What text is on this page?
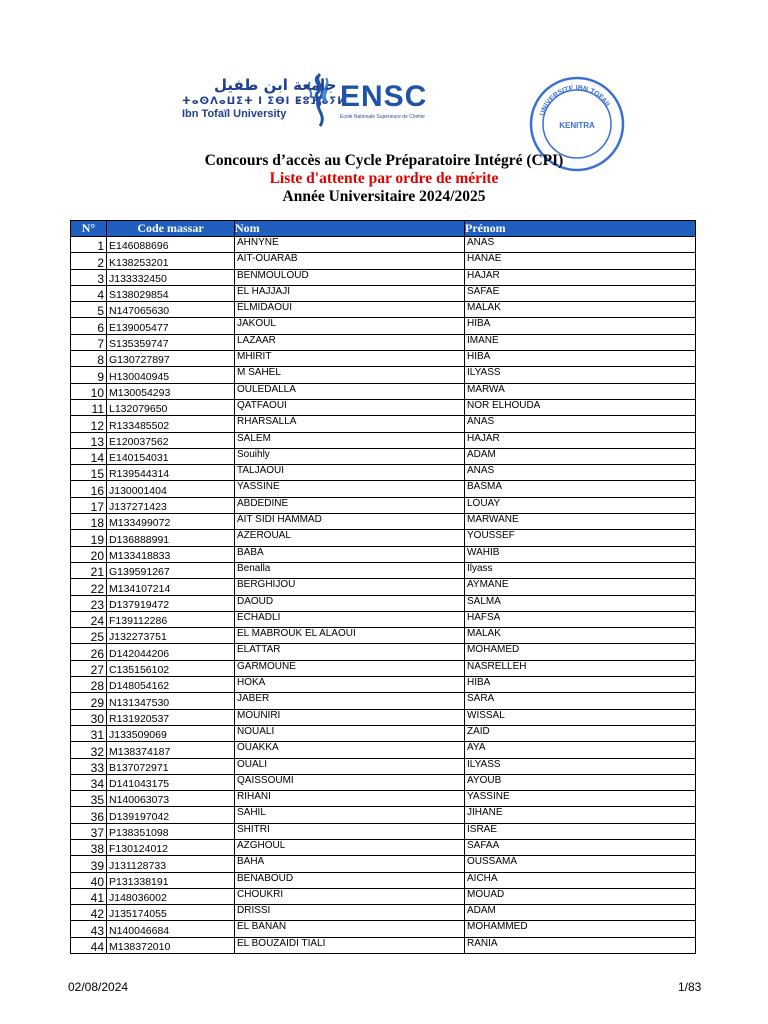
جامعة ابن طفيل
ⵜⴰⵙⴷⴰⵡⵉⵜ ⵏ ⵉⴱⵏ ⵟⵓⴼⴰⵢⵍ
Ibn Tofaïl University
ENSC
Ecole Nationale Supérieure de Chimie
UNIVERSITE IBN TOFAIL
KENITRA
Concours d’accès au Cycle Préparatoire Intégré (CPI)
Liste d'attente par ordre de mérite
Année Universitaire 2024/2025
N°	Code massar	Nom	Prénom
1	E146088696	AHNYNE	ANAS
2	K138253201	AIT-OUARAB	HANAE
3	J133332450	BENMOULOUD	HAJAR
4	S138029854	EL HAJJAJI	SAFAE
5	N147065630	ELMIDAOUI	MALAK
6	E139005477	JAKOUL	HIBA
7	S135359747	LAZAAR	IMANE
8	G130727897	MHIRIT	HIBA
9	H130040945	M SAHEL	ILYASS
10	M130054293	OULEDALLA	MARWA
11	L132079650	QATFAOUI	NOR ELHOUDA
12	R133485502	RHARSALLA	ANAS
13	E120037562	SALEM	HAJAR
14	E140154031	Souihly	ADAM
15	R139544314	TALJAOUI	ANAS
16	J130001404	YASSINE	BASMA
17	J137271423	ABDEDINE	LOUAY
18	M133499072	AIT SIDI HAMMAD	MARWANE
19	D136888991	AZEROUAL	YOUSSEF
20	M133418833	BABA	WAHIB
21	G139591267	Benalla	Ilyass
22	M134107214	BERGHIJOU	AYMANE
23	D137919472	DAOUD	SALMA
24	F139112286	ECHADLI	HAFSA
25	J132273751	EL MABROUK EL ALAOUI	MALAK
26	D142044206	ELATTAR	MOHAMED
27	C135156102	GARMOUNE	NASRELLEH
28	D148054162	HOKA	HIBA
29	N131347530	JABER	SARA
30	R131920537	MOUNIRI	WISSAL
31	J133509069	NOUALI	ZAID
32	M138374187	OUAKKA	AYA
33	B137072971	OUALI	ILYASS
34	D141043175	QAISSOUMI	AYOUB
35	N140063073	RIHANI	YASSINE
36	D139197042	SAHIL	JIHANE
37	P138351098	SHITRI	ISRAE
38	F130124012	AZGHOUL	SAFAA
39	J131128733	BAHA	OUSSAMA
40	P131338191	BENABOUD	AICHA
41	J148036002	CHOUKRI	MOUAD
42	J135174055	DRISSI	ADAM
43	N140046684	EL BANAN	MOHAMMED
44	M138372010	EL BOUZAIDI TIALI	RANIA
02/08/2024	1/83
